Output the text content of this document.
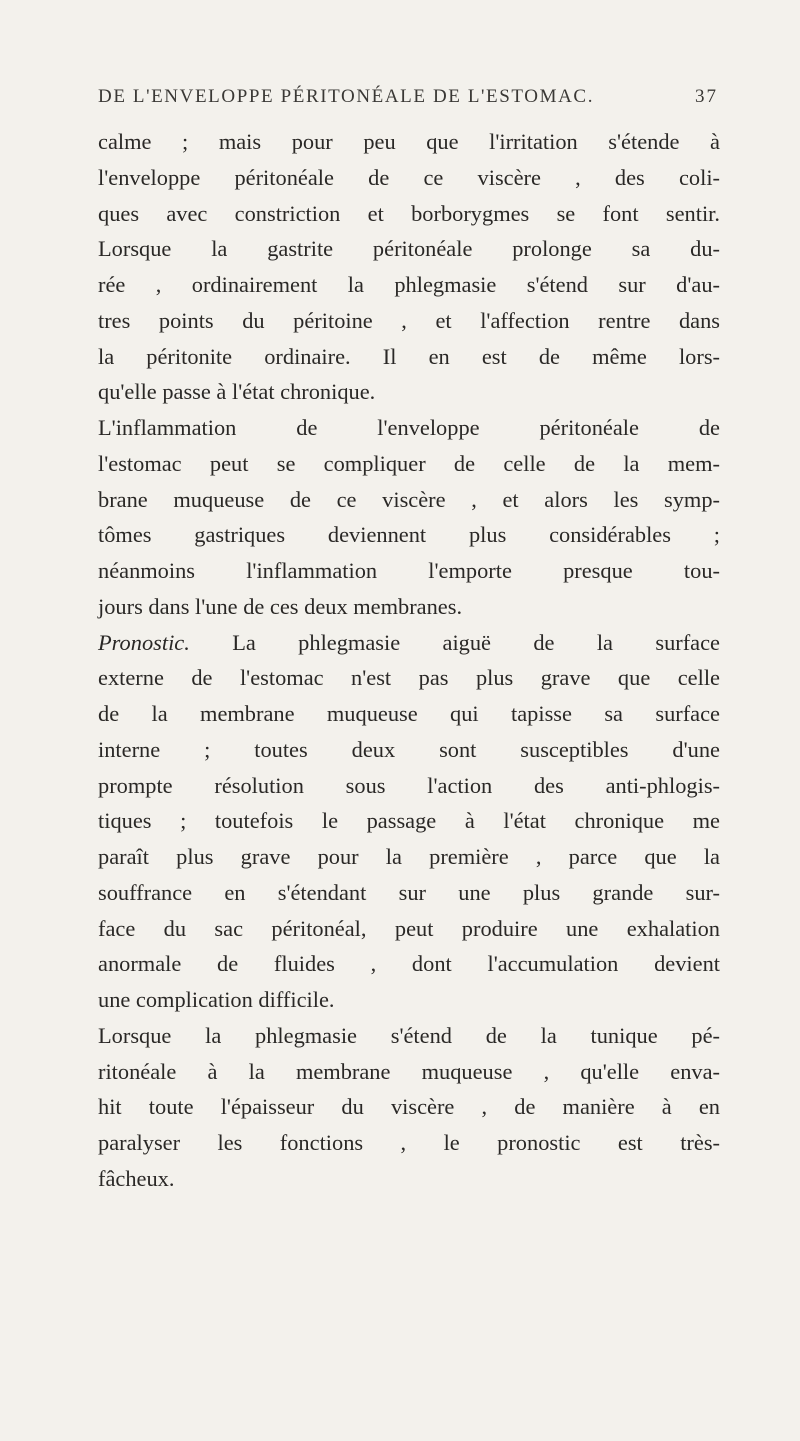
DE L'ENVELOPPE PÉRITONÉALE DE L'ESTOMAC.	37
calme ; mais pour peu que l'irritation s'étende à
l'enveloppe péritonéale de ce viscère , des coli-
ques avec constriction et borborygmes se font sentir.
Lorsque la gastrite péritonéale prolonge sa du-
rée , ordinairement la phlegmasie s'étend sur d'au-
tres points du péritoine , et l'affection rentre dans
la péritonite ordinaire. Il en est de même lors-
qu'elle passe à l'état chronique.
L'inflammation de l'enveloppe péritonéale de
l'estomac peut se compliquer de celle de la mem-
brane muqueuse de ce viscère , et alors les symp-
tômes gastriques deviennent plus considérables ;
néanmoins l'inflammation l'emporte presque tou-
jours dans l'une de ces deux membranes.
Pronostic. La phlegmasie aiguë de la surface
externe de l'estomac n'est pas plus grave que celle
de la membrane muqueuse qui tapisse sa surface
interne ; toutes deux sont susceptibles d'une
prompte résolution sous l'action des anti-phlogis-
tiques ; toutefois le passage à l'état chronique me
paraît plus grave pour la première , parce que la
souffrance en s'étendant sur une plus grande sur-
face du sac péritonéal, peut produire une exhalation
anormale de fluides , dont l'accumulation devient
une complication difficile.
Lorsque la phlegmasie s'étend de la tunique pé-
ritonéale à la membrane muqueuse , qu'elle enva-
hit toute l'épaisseur du viscère , de manière à en
paralyser les fonctions , le pronostic est très-
fâcheux.
